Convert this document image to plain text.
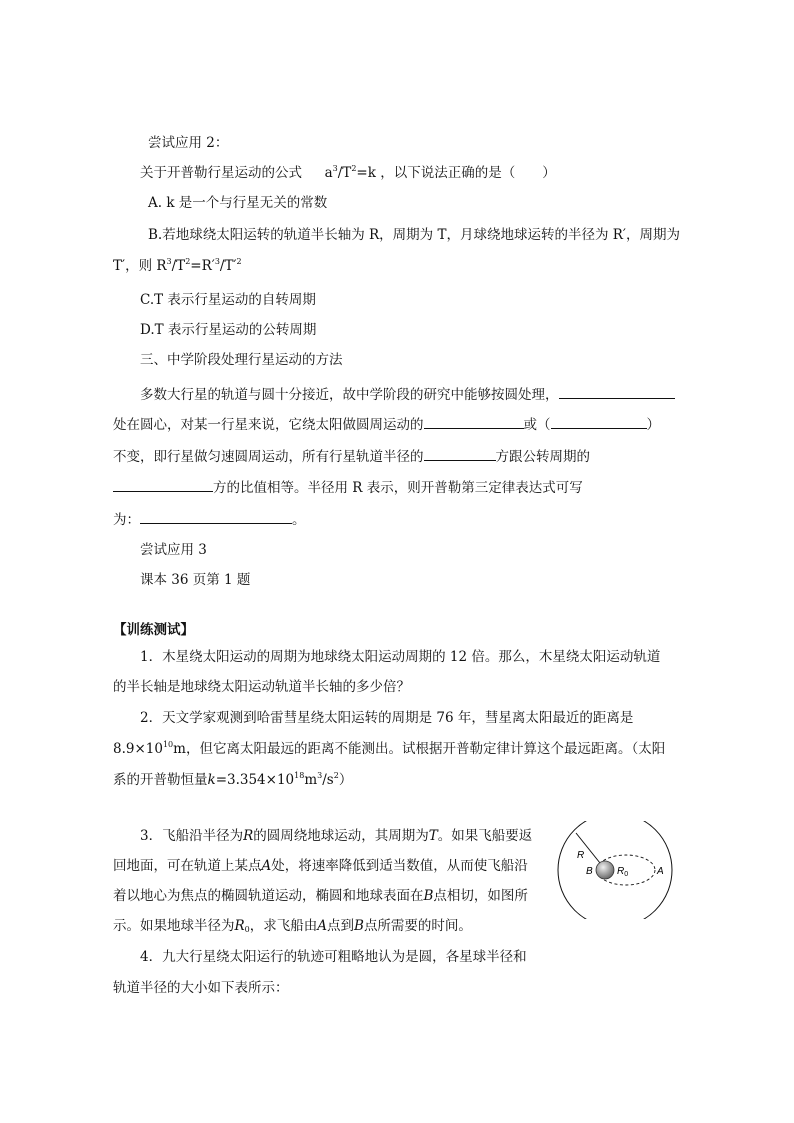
尝试应用 2：
关于开普勒行星运动的公式 $a^3/T^2=k$ ，以下说法正确的是（　　）
A. k 是一个与行星无关的常数
B.若地球绕太阳运转的轨道半长轴为 R，周期为 T，月球绕地球运转的半径为 R′，周期为
T′，则 $R^3/T^2=R'^3/T'^2$
C.T 表示行星运动的自转周期
D.T 表示行星运动的公转周期
三、中学阶段处理行星运动的方法
多数大行星的轨道与圆十分接近，故中学阶段的研究中能够按圆处理，
处在圆心，对某一行星来说，它绕太阳做圆周运动的	或（	）
不变，即行星做匀速圆周运动，所有行星轨道半径的	方跟公转周期的
方的比值相等。半径用 R 表示，则开普勒第三定律表达式可写
为：	。
尝试应用 3
课本 36 页第 1 题
【训练测试】
1．木星绕太阳运动的周期为地球绕太阳运动周期的 12 倍。那么，木星绕太阳运动轨道
的半长轴是地球绕太阳运动轨道半长轴的多少倍？
2．天文学家观测到哈雷彗星绕太阳运转的周期是 76 年，彗星离太阳最近的距离是
$8.9\times 10^{10}m$，但它离太阳最远的距离不能测出。试根据开普勒定律计算这个最远距离。（太阳
系的开普勒恒量$k=3.354\times 10^{18}m^3/s^2$）
3．飞船沿半径为R的圆周绕地球运动，其周期为T。如果飞船要返
回地面，可在轨道上某点A处，将速率降低到适当数值，从而使飞船沿
着以地心为焦点的椭圆轨道运动，椭圆和地球表面在B点相切，如图所
示。如果地球半径为$R_0$，求飞船由A点到B点所需要的时间。
R
B $R_0$	A
4．九大行星绕太阳运行的轨迹可粗略地认为是圆，各星球半径和
轨道半径的大小如下表所示：
